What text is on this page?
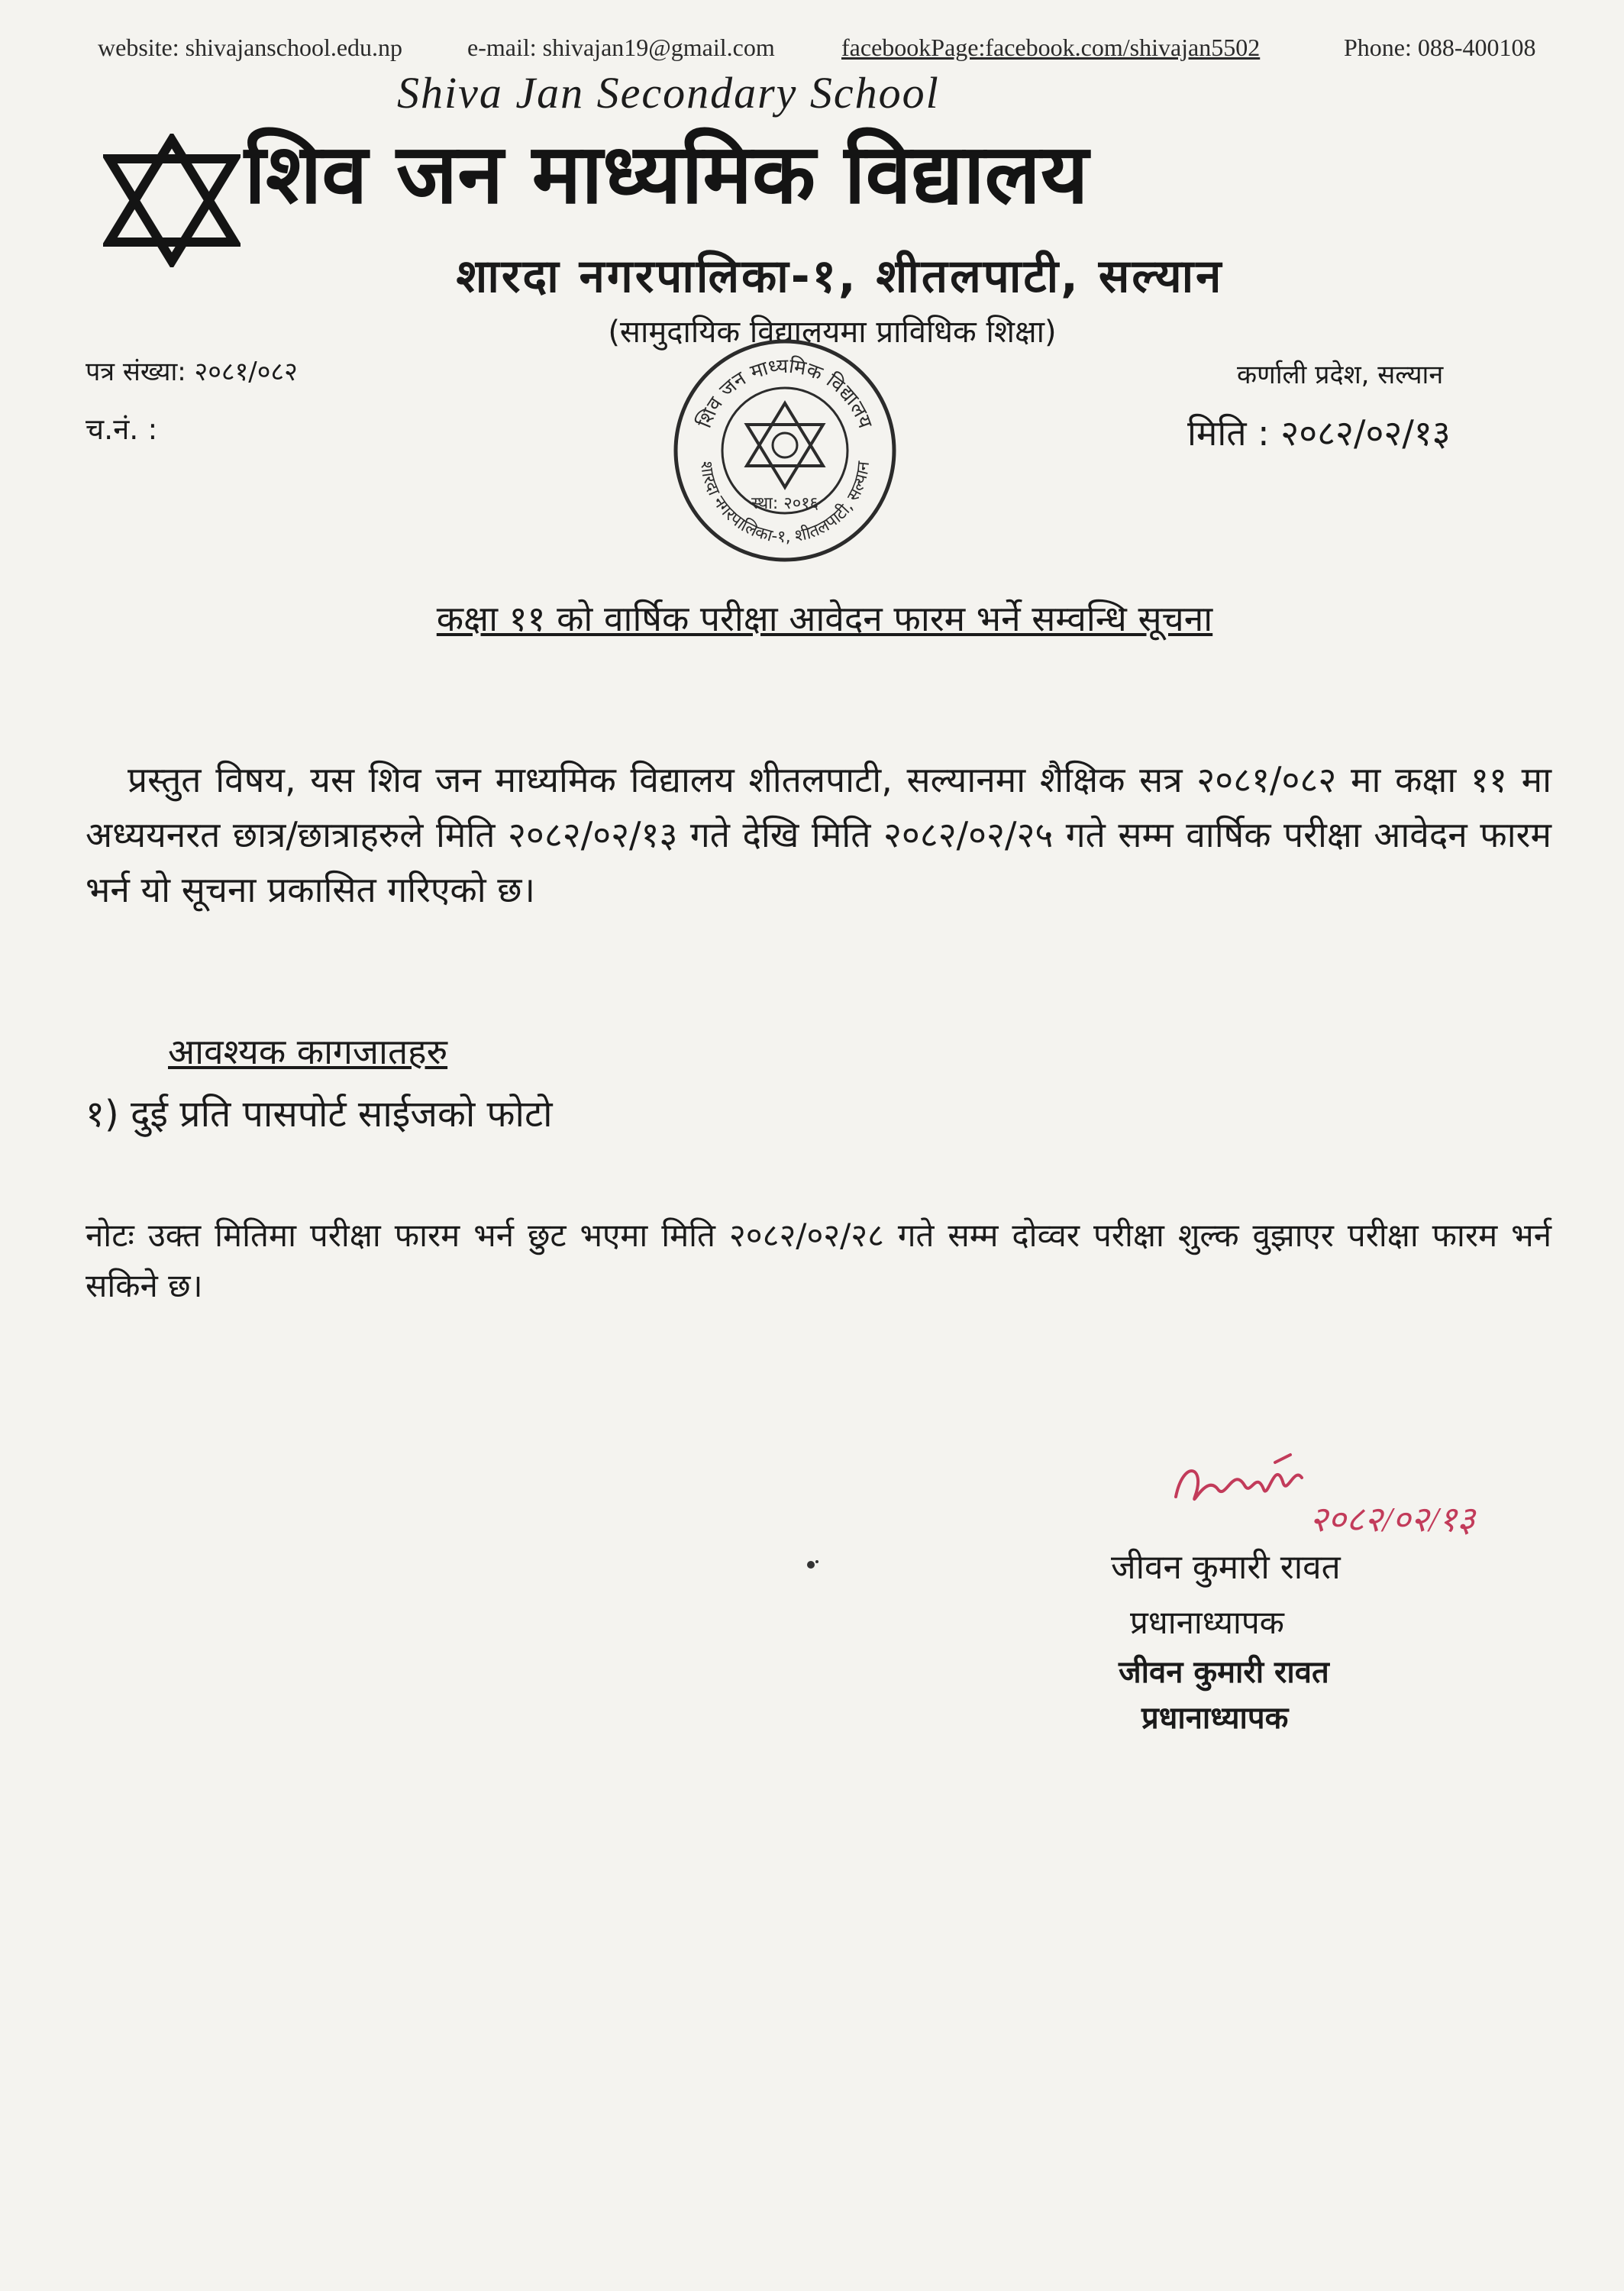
website: shivajanschool.edu.np	e-mail: shivajan19@gmail.com	facebookPage:facebook.com/shivajan5502	Phone: 088-400108
Shiva Jan Secondary School
शिव जन माध्यमिक विद्यालय
शारदा नगरपालिका-१, शीतलपाटी, सल्यान
(सामुदायिक विद्यालयमा प्राविधिक शिक्षा)
पत्र संख्या: २०८१/०८२
च.नं. :
कर्णाली प्रदेश, सल्यान
मिति : २०८२/०२/१३
शिव जन माध्यमिक विद्यालय
शारदा नगरपालिका-१, शीतलपाटी, सल्यान
स्था: २०१६
कक्षा ११ को वार्षिक परीक्षा आवेदन फारम भर्ने सम्वन्धि सूचना
प्रस्तुत विषय, यस शिव जन माध्यमिक विद्यालय शीतलपाटी, सल्यानमा शैक्षिक सत्र २०८१/०८२ मा कक्षा ११ मा अध्ययनरत छात्र/छात्राहरुले मिति २०८२/०२/१३ गते देखि मिति २०८२/०२/२५ गते सम्म वार्षिक परीक्षा आवेदन फारम भर्न यो सूचना प्रकासित गरिएको छ।
आवश्यक कागजातहरु
१) दुई प्रति पासपोर्ट साईजको फोटो
नोटः उक्त मितिमा परीक्षा फारम भर्न छुट भएमा मिति २०८२/०२/२८ गते सम्म दोव्वर परीक्षा शुल्क वुझाएर परीक्षा फारम भर्न सकिने छ।
२०८२/०२/१३
जीवन कुमारी रावत
प्रधानाध्यापक
जीवन कुमारी रावत
प्रधानाध्यापक
